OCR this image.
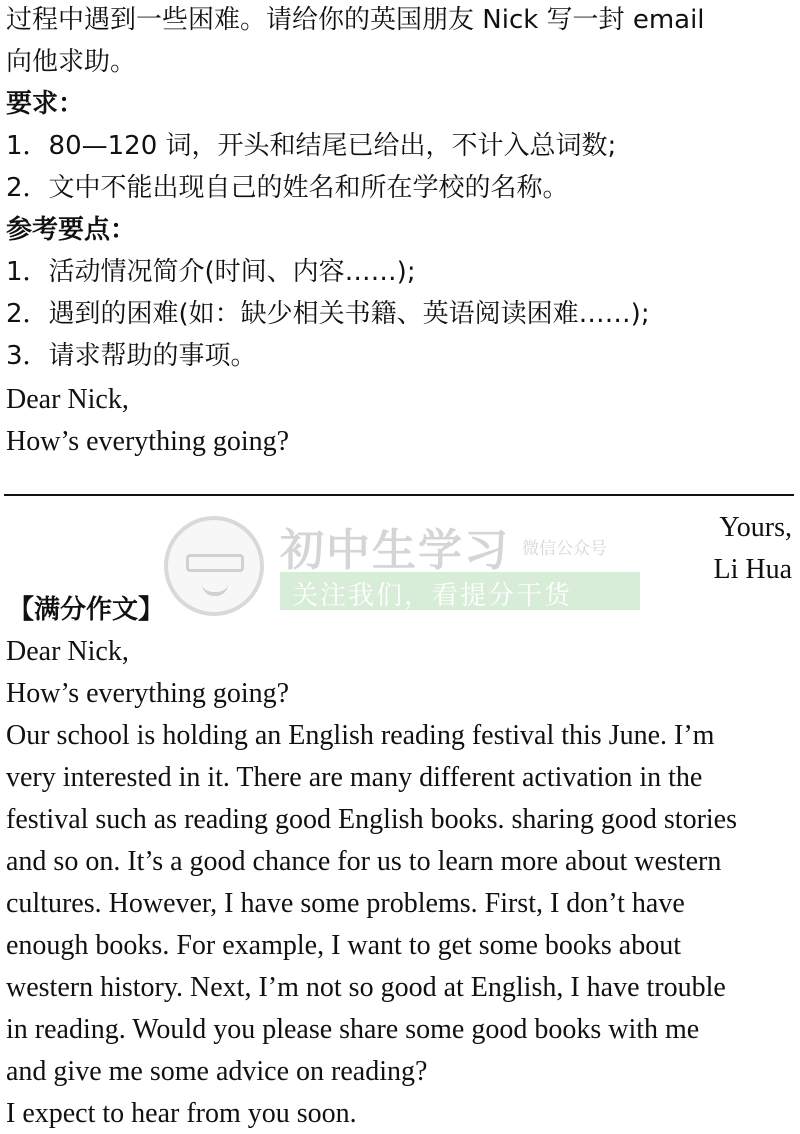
过程中遇到一些困难。请给你的英国朋友 Nick 写一封 email
向他求助。
要求：
1．80—120 词，开头和结尾已给出，不计入总词数;
2．文中不能出现自己的姓名和所在学校的名称。
参考要点：
1．活动情况简介(时间、内容……);
2．遇到的困难(如：缺少相关书籍、英语阅读困难……);
3．请求帮助的事项。
Dear Nick,
How’s everything going?
初中生学习 微信公众号
关注我们，看提分干货
Yours,
Li Hua
【满分作文】
Dear Nick,
How’s everything going?
Our school is holding an English reading festival this June. I’m
very interested in it. There are many different activation in the
festival such as reading good English books. sharing good stories
and so on. It’s a good chance for us to learn more about western
cultures. However, I have some problems. First, I don’t have
enough books. For example, I want to get some books about
western history. Next, I’m not so good at English, I have trouble
in reading. Would you please share some good books with me
and give me some advice on reading?
I expect to hear from you soon.
